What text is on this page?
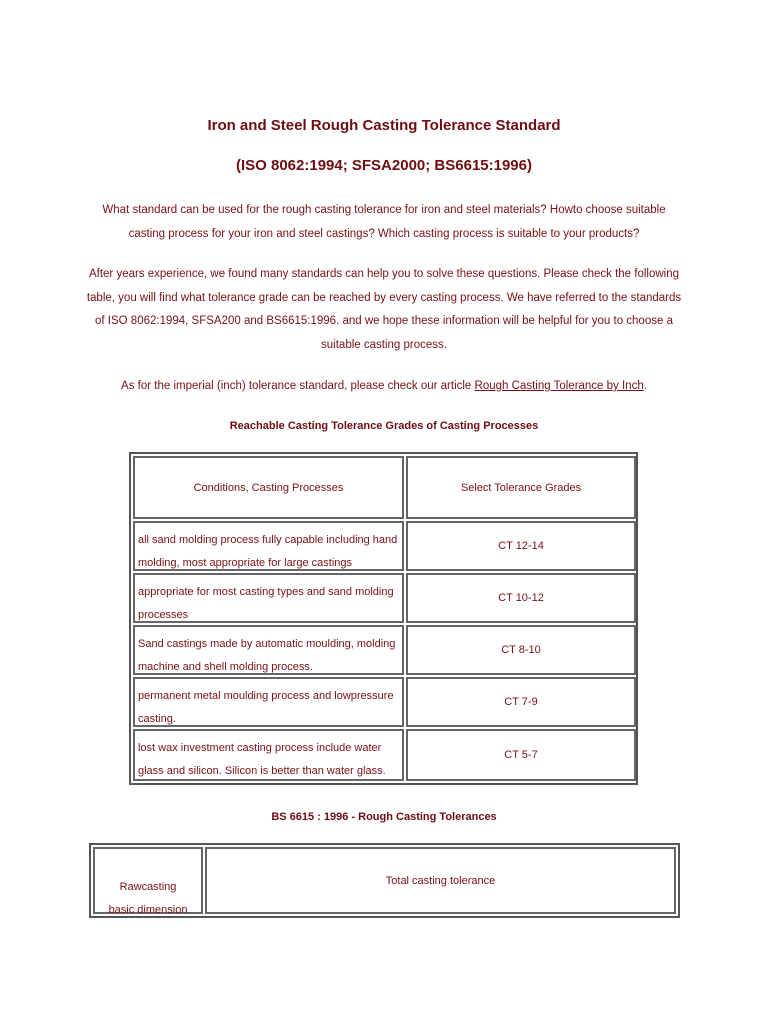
Iron and Steel Rough Casting Tolerance Standard
(ISO 8062:1994; SFSA2000; BS6615:1996)
What standard can be used for the rough casting tolerance for iron and steel materials? Howto choose suitable
casting process for your iron and steel castings? Which casting process is suitable to your products?
After years experience, we found many standards can help you to solve these questions. Please check the following
table, you will find what tolerance grade can be reached by every casting process. We have referred to the standards
of ISO 8062:1994, SFSA200 and BS6615:1996. and we hope these information will be helpful for you to choose a
suitable casting process.
As for the imperial (inch) tolerance standard, please check our article Rough Casting Tolerance by Inch.
Reachable Casting Tolerance Grades of Casting Processes
Conditions, Casting Processes	Select Tolerance Grades
all sand molding process fully capable including hand
molding, most appropriate for large castings
CT 12-14
appropriate for most casting types and sand molding
processes
CT 10-12
Sand castings made by automatic moulding, molding
machine and shell molding process.
CT 8-10
permanent metal moulding process and lowpressure
casting.
CT 7-9
lost wax investment casting process include water
glass and silicon. Silicon is better than water glass.
CT 5-7
BS 6615 : 1996 - Rough Casting Tolerances
Rawcasting
basic dimension
Total casting tolerance
